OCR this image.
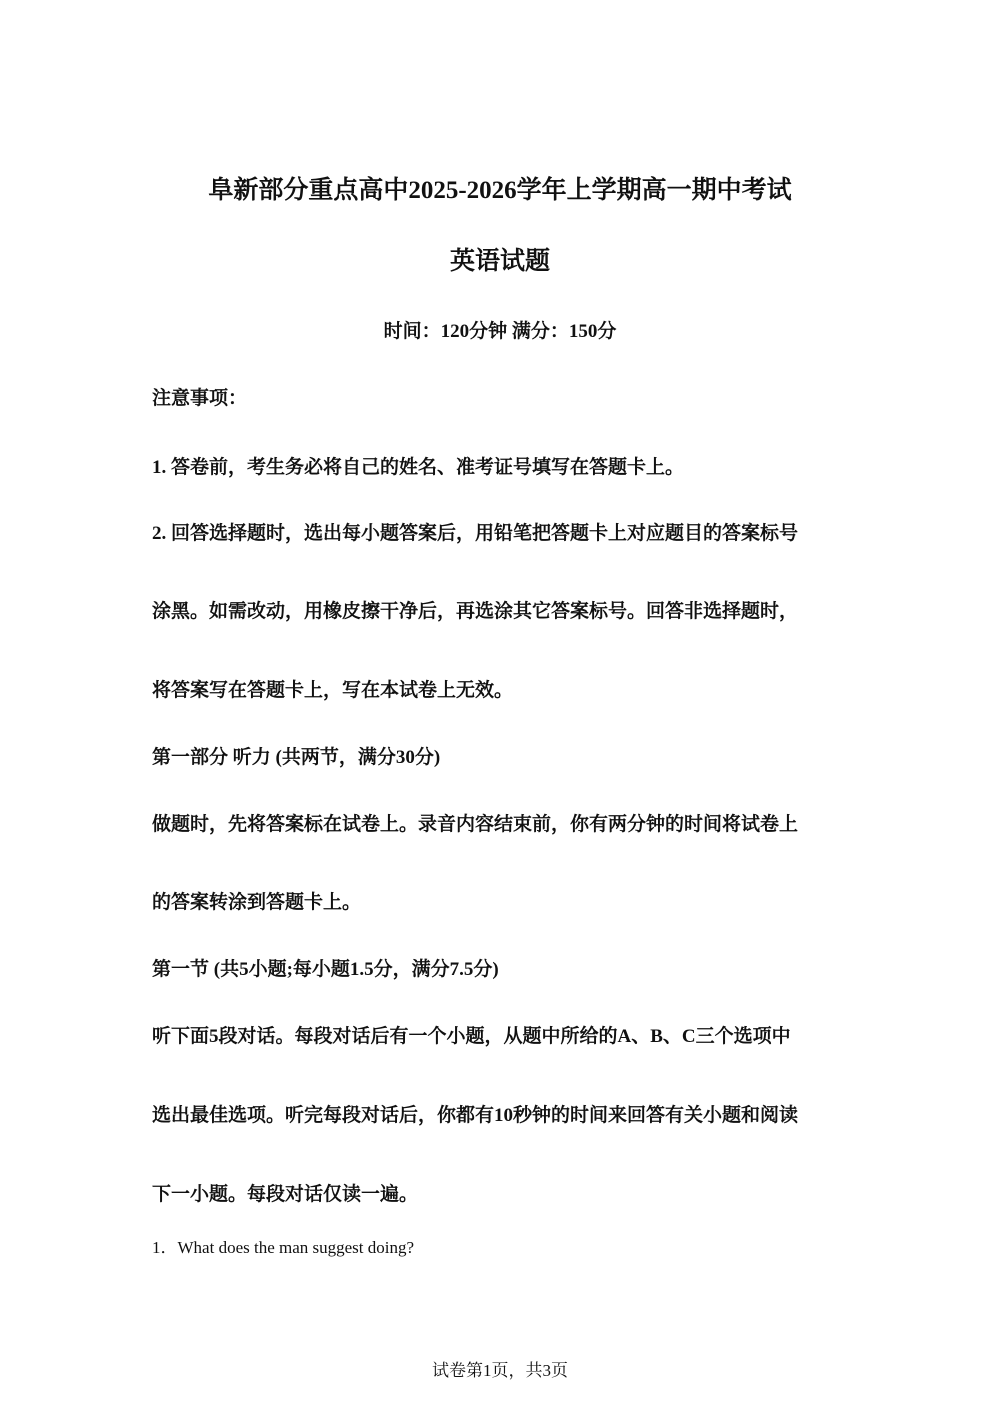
阜新部分重点高中2025-2026学年上学期高一期中考试
英语试题
时间：120分钟 满分：150分
注意事项：
1. 答卷前，考生务必将自己的姓名、准考证号填写在答题卡上。
2. 回答选择题时，选出每小题答案后，用铅笔把答题卡上对应题目的答案标号
涂黑。如需改动，用橡皮擦干净后，再选涂其它答案标号。回答非选择题时，
将答案写在答题卡上，写在本试卷上无效。
第一部分 听力 (共两节，满分30分)
做题时，先将答案标在试卷上。录音内容结束前，你有两分钟的时间将试卷上
的答案转涂到答题卡上。
第一节 (共5小题;每小题1.5分，满分7.5分)
听下面5段对话。每段对话后有一个小题，从题中所给的A、B、C三个选项中
选出最佳选项。听完每段对话后，你都有10秒钟的时间来回答有关小题和阅读
下一小题。每段对话仅读一遍。
1．What does the man suggest doing?
试卷第1页，共3页
